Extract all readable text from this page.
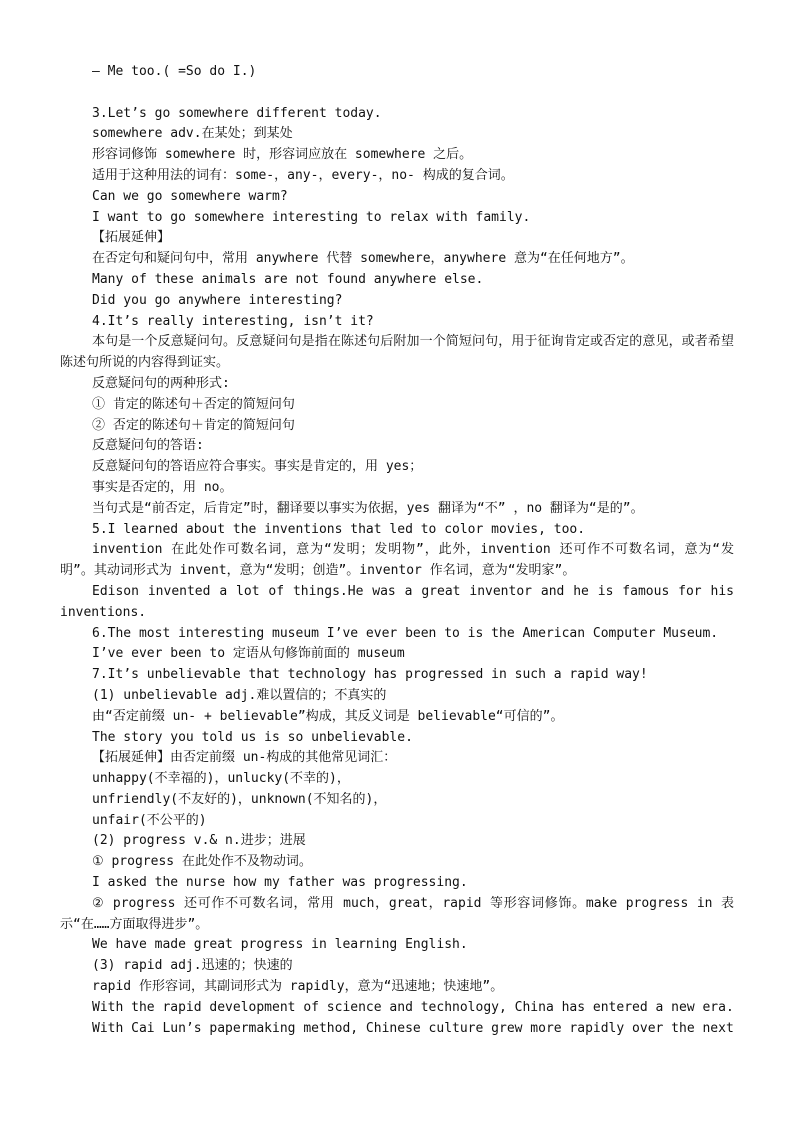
— Me too.( =So do I.)
3.Let’s go somewhere different today.
somewhere adv.在某处；到某处
形容词修饰 somewhere 时，形容词应放在 somewhere 之后。
适用于这种用法的词有：some-，any-，every-，no- 构成的复合词。
Can we go somewhere warm?
I want to go somewhere interesting to relax with family.
【拓展延伸】
在否定句和疑问句中，常用 anywhere 代替 somewhere，anywhere 意为“在任何地方”。
Many of these animals are not found anywhere else.
Did you go anywhere interesting?
4.It’s really interesting, isn’t it?
本句是一个反意疑问句。反意疑问句是指在陈述句后附加一个简短问句，用于征询肯定或否定的意见，或者希望陈述句所说的内容得到证实。
反意疑问句的两种形式:
① 肯定的陈述句＋否定的简短问句
② 否定的陈述句＋肯定的简短问句
反意疑问句的答语:
反意疑问句的答语应符合事实。事实是肯定的，用 yes；
事实是否定的，用 no。
当句式是“前否定，后肯定”时，翻译要以事实为依据，yes 翻译为“不” ，no 翻译为“是的”。
5.I learned about the inventions that led to color movies, too.
invention 在此处作可数名词，意为“发明；发明物”，此外，invention 还可作不可数名词，意为“发明”。其动词形式为 invent，意为“发明；创造”。inventor 作名词，意为“发明家”。
Edison invented a lot of things.He was a great inventor and he is famous for his inventions.
6.The most interesting museum I’ve ever been to is the American Computer Museum.
I’ve ever been to 定语从句修饰前面的 museum
7.It’s unbelievable that technology has progressed in such a rapid way!
(1) unbelievable adj.难以置信的；不真实的
由“否定前缀 un- + believable”构成，其反义词是 believable“可信的”。
The story you told us is so unbelievable.
【拓展延伸】由否定前缀 un-构成的其他常见词汇：
unhappy(不幸福的)，unlucky(不幸的)，
unfriendly(不友好的)，unknown(不知名的)，
unfair(不公平的)
(2) progress v.& n.进步；进展
① progress 在此处作不及物动词。
I asked the nurse how my father was progressing.
② progress 还可作不可数名词，常用 much，great，rapid 等形容词修饰。make progress in 表示“在……方面取得进步”。
We have made great progress in learning English.
(3) rapid adj.迅速的；快速的
rapid 作形容词，其副词形式为 rapidly，意为“迅速地；快速地”。
With the rapid development of science and technology, China has entered a new era.
With Cai Lun’s papermaking method, Chinese culture grew more rapidly over the next
